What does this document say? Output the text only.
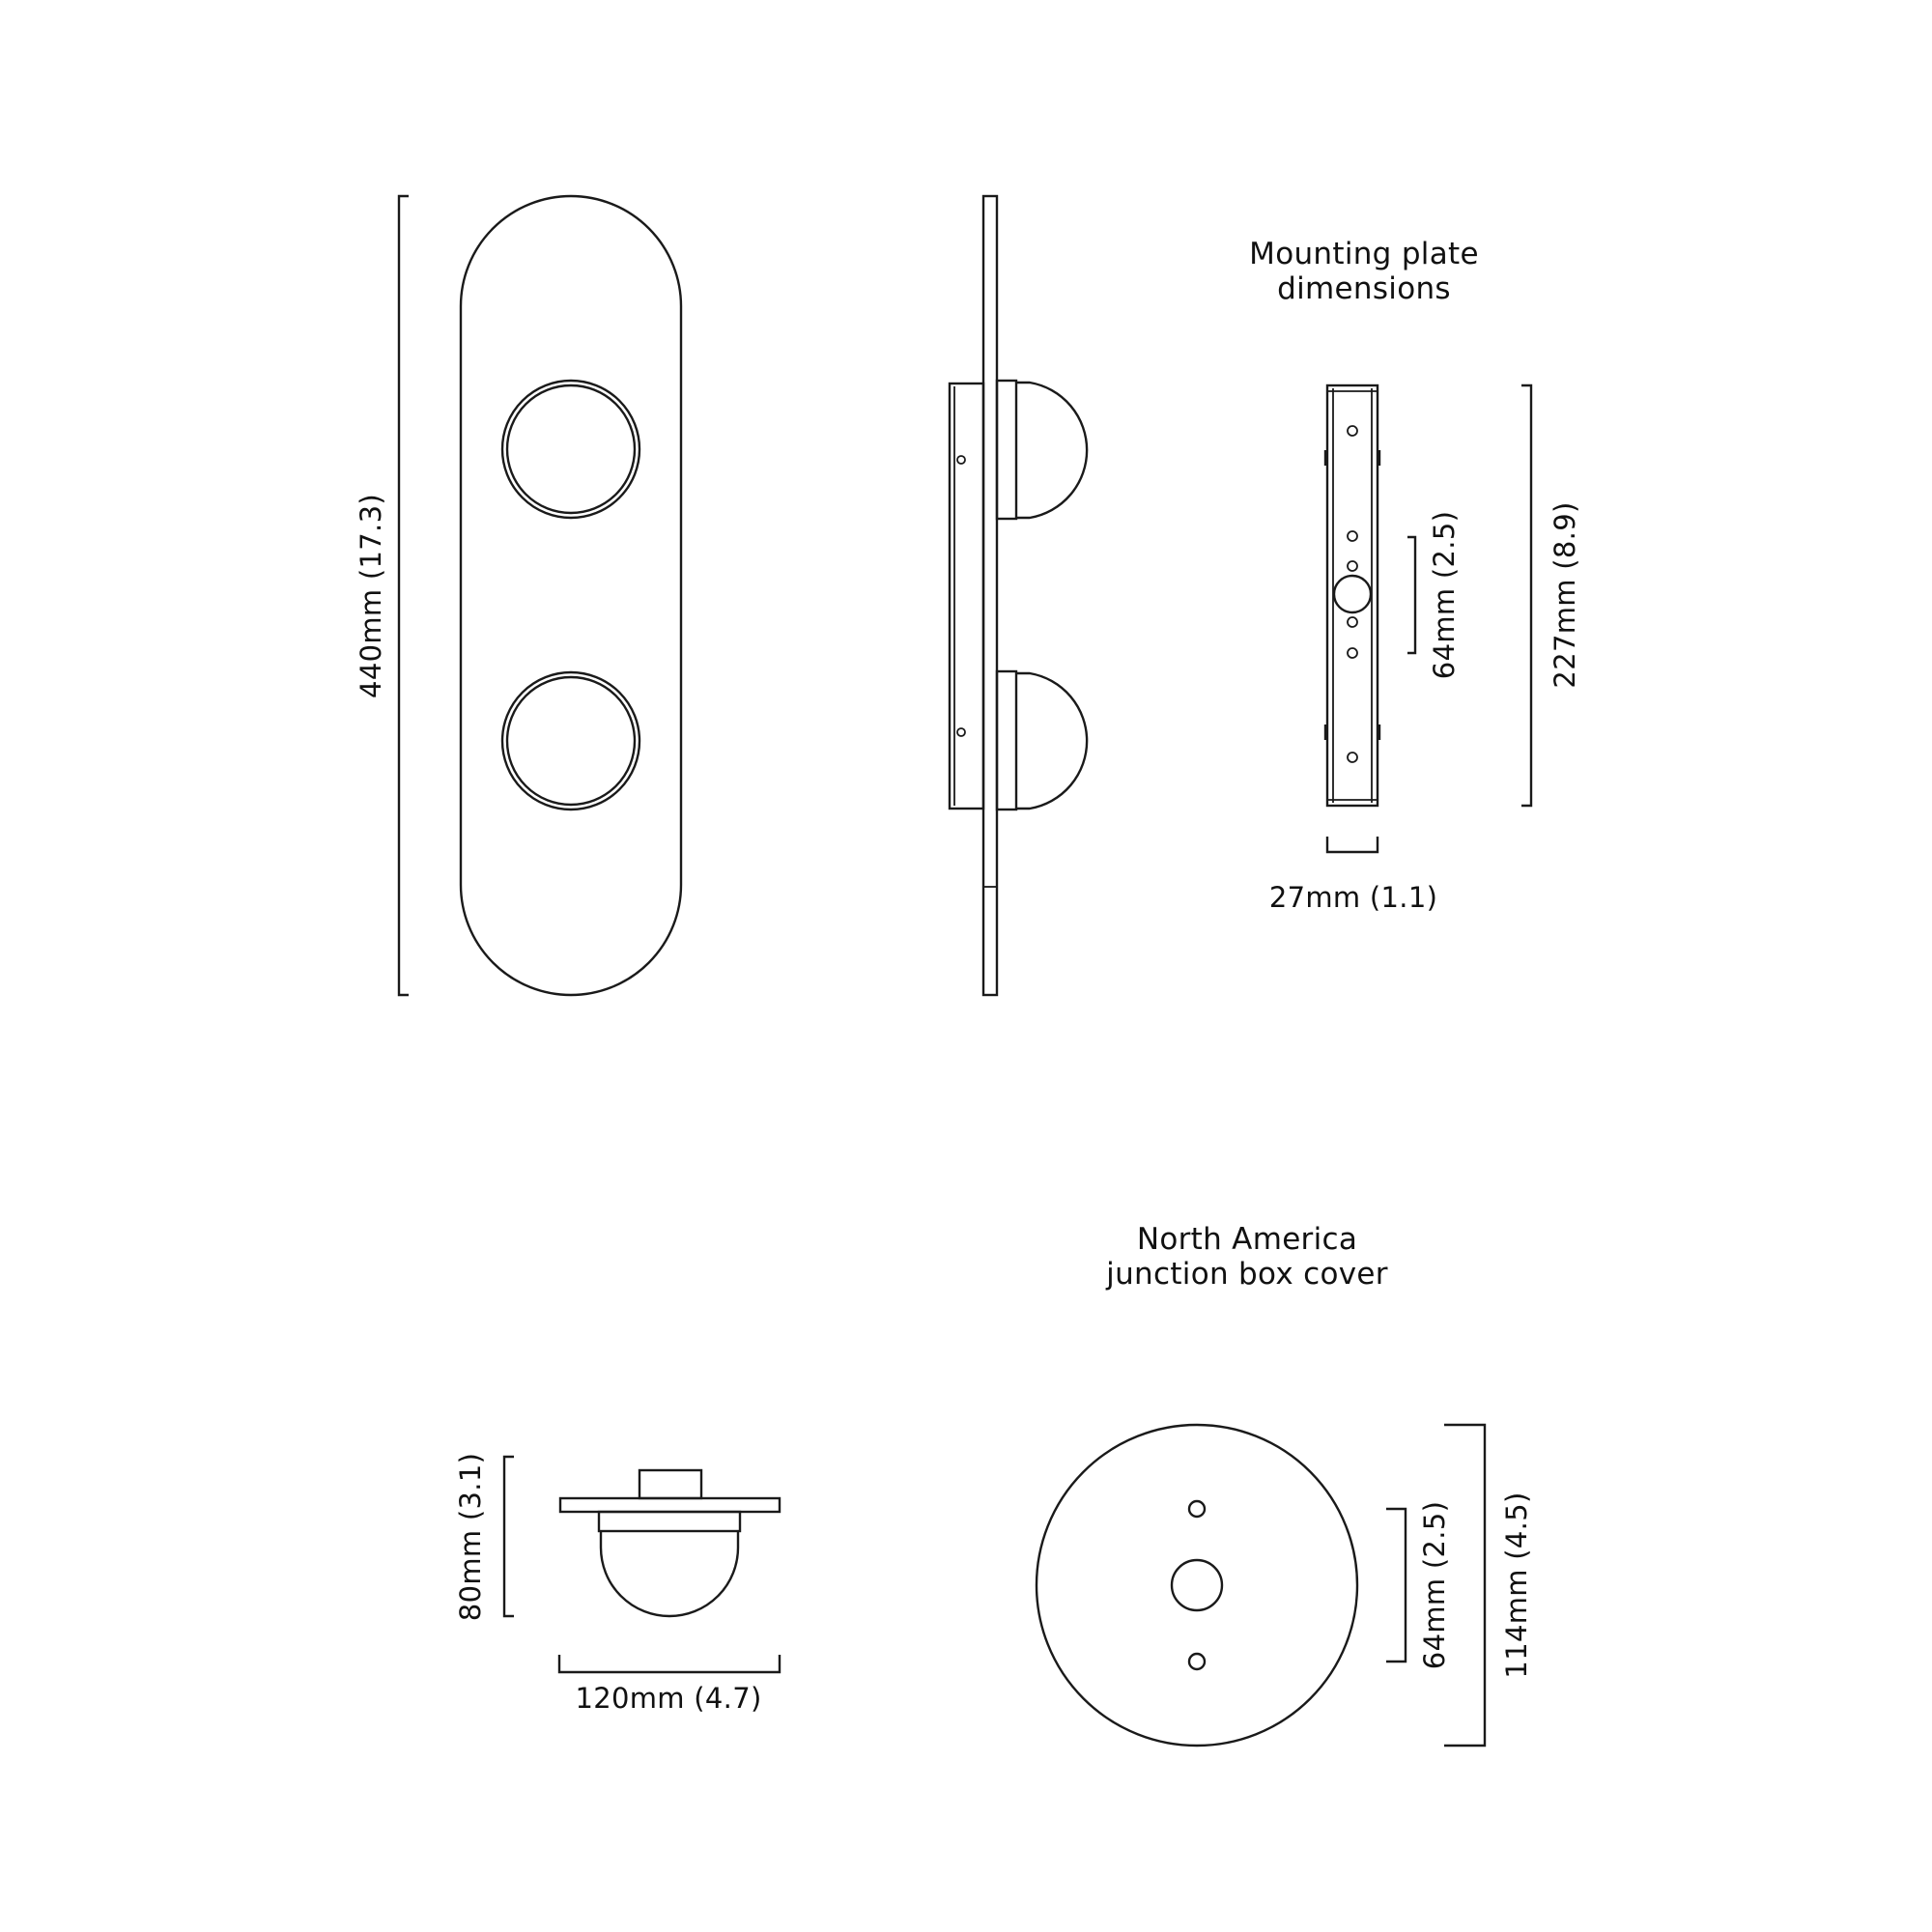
440mm (17.3)
Mounting plate
dimensions
227mm (8.9)
64mm (2.5)
27mm (1.1)
80mm (3.1)
120mm (4.7)
North America
junction box cover
64mm (2.5) 114mm (4.5)
